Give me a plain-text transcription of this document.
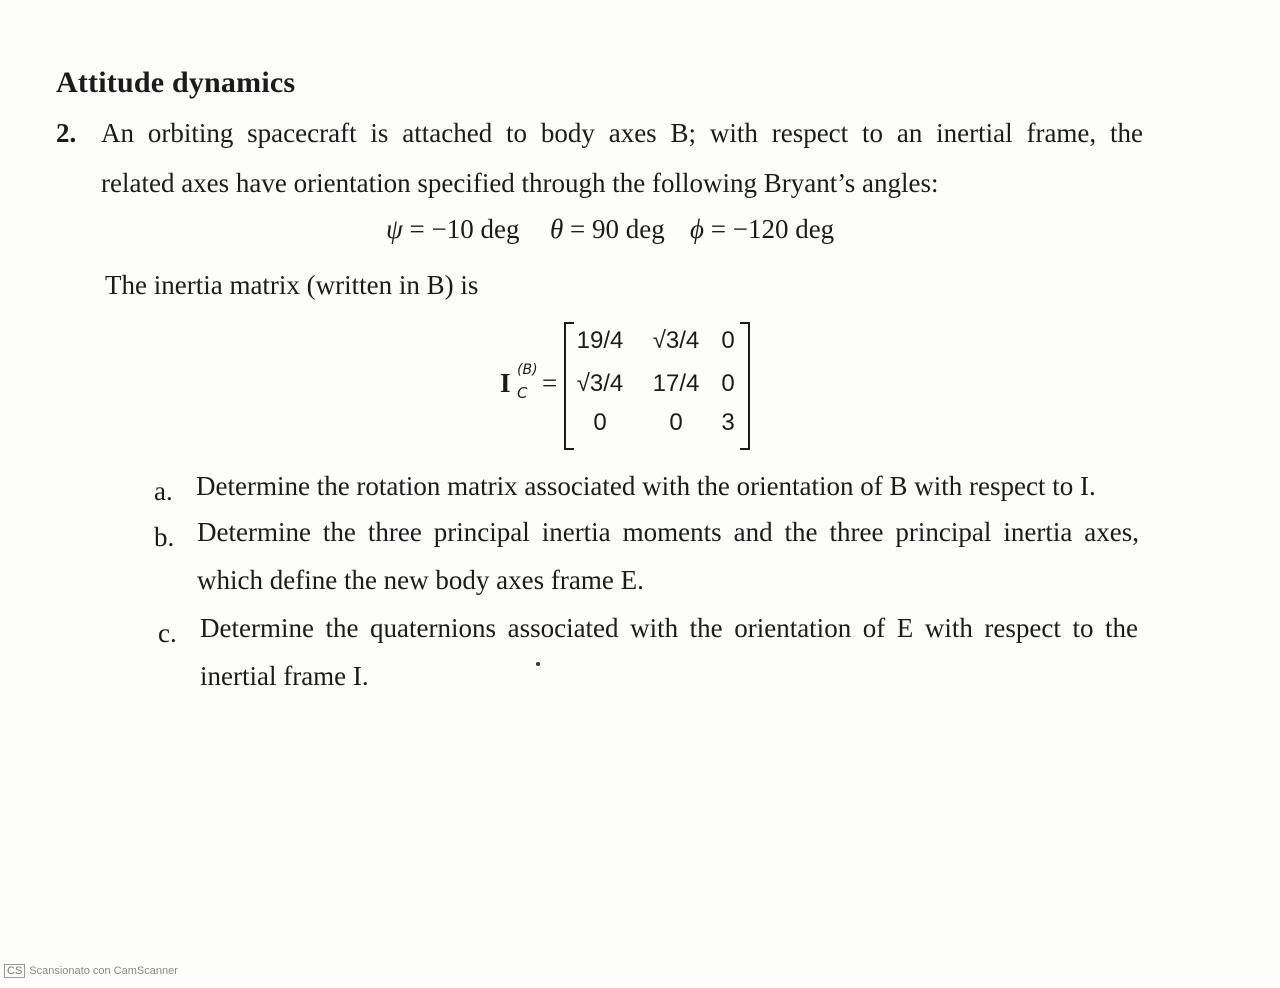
Attitude dynamics
2. An orbiting spacecraft is attached to body axes B; with respect to an inertial frame, the
related axes have orientation specified through the following Bryant’s angles:
ψ = −10 deg θ = 90 deg ϕ = −120 deg
The inertia matrix (written in B) is
I (B)
C =
19/4	√3/4 0
√3/4	17/4 0
0	0	3
a. Determine the rotation matrix associated with the orientation of B with respect to I.
b. Determine the three principal inertia moments and the three principal inertia axes,
which define the new body axes frame E.
c. Determine the quaternions associated with the orientation of E with respect to the
inertial frame I.
CS Scansionato con CamScanner
